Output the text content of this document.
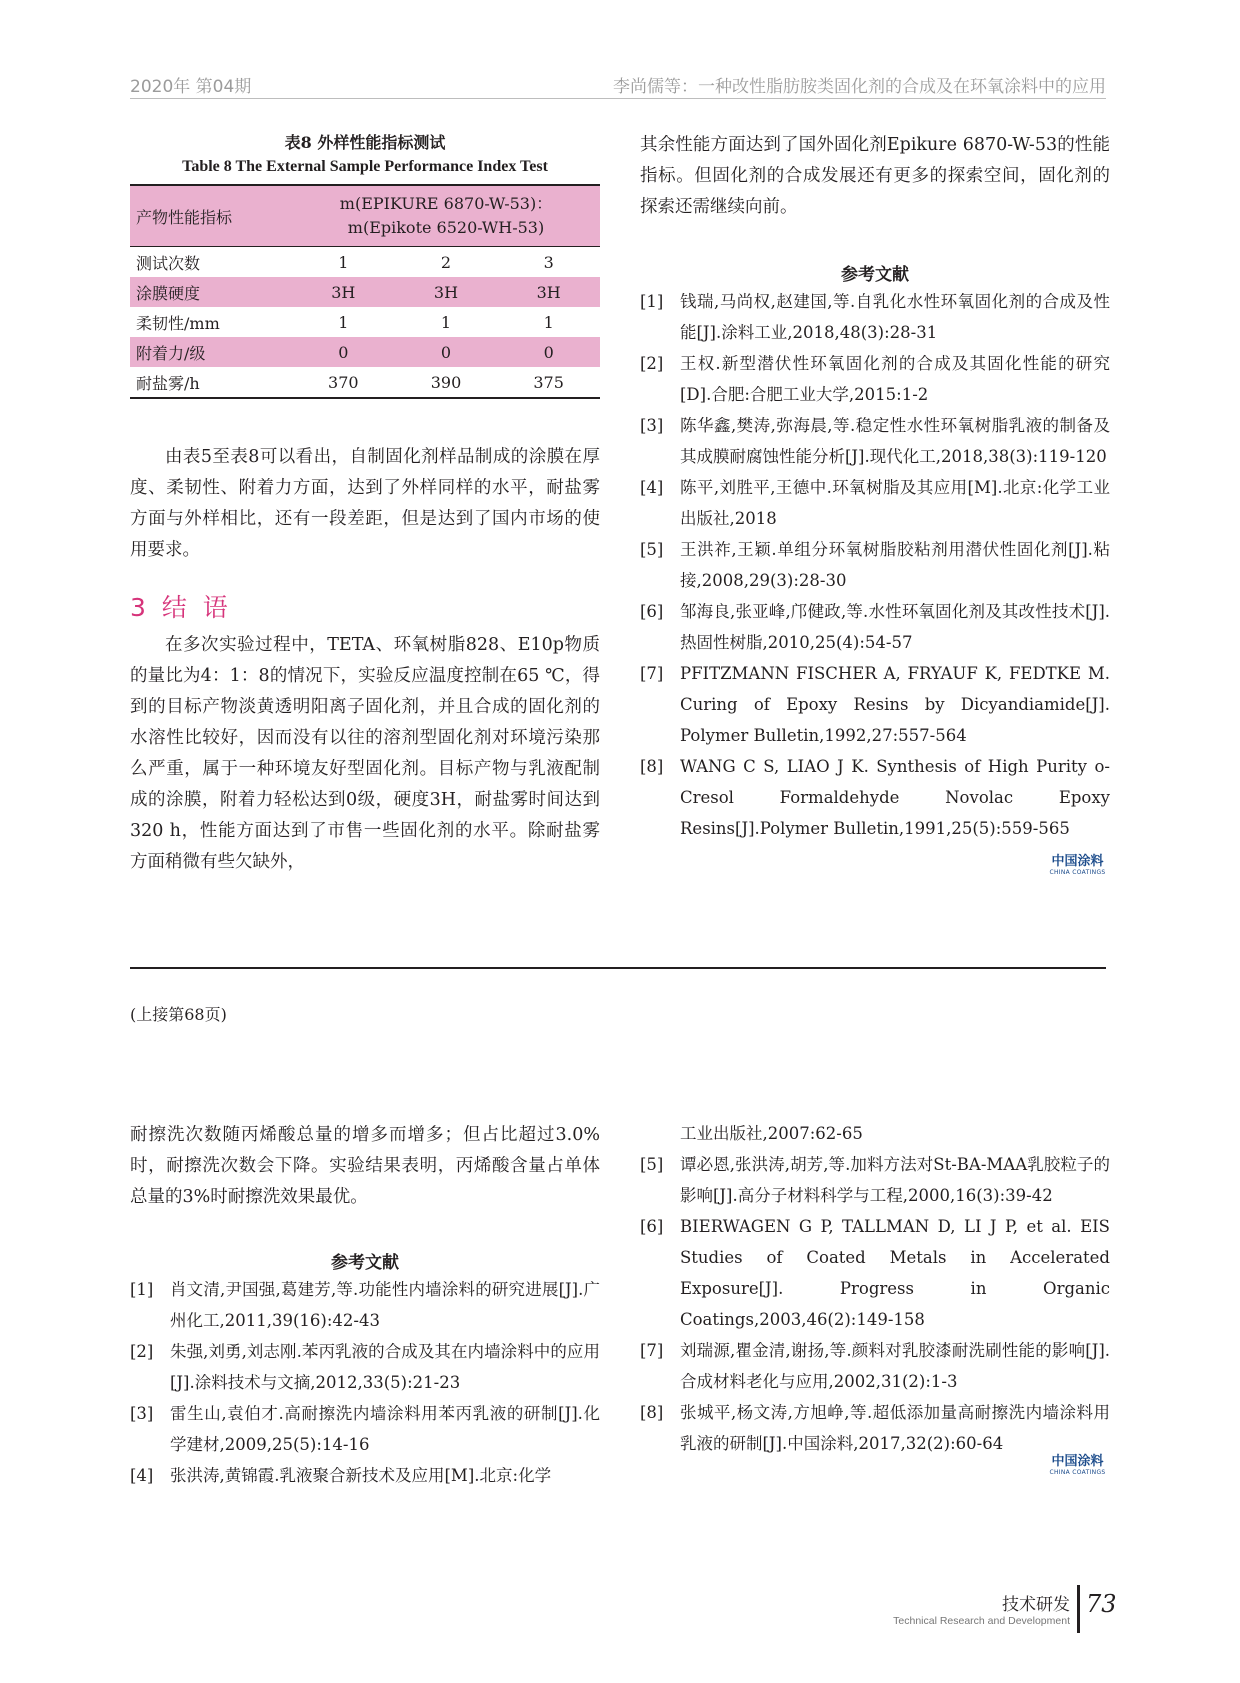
2020年 第04期	李尚儒等：一种改性脂肪胺类固化剂的合成及在环氧涂料中的应用
表8 外样性能指标测试
Table 8 The External Sample Performance Index Test
产物性能指标	m(EPIKURE 6870-W-53)：
m(Epikote 6520-WH-53)		

测试次数	1	2	3
涂膜硬度	3H	3H	3H
柔韧性/mm	1	1	1
附着力/级	0	0	0
耐盐雾/h	370	390	375
由表5至表8可以看出，自制固化剂样品制成的涂膜在厚度、柔韧性、附着力方面，达到了外样同样的水平，耐盐雾方面与外样相比，还有一段差距，但是达到了国内市场的使用要求。
3 结 语
在多次实验过程中，TETA、环氧树脂828、E10p物质的量比为4：1：8的情况下，实验反应温度控制在65 ℃，得到的目标产物淡黄透明阳离子固化剂，并且合成的固化剂的水溶性比较好，因而没有以往的溶剂型固化剂对环境污染那么严重，属于一种环境友好型固化剂。目标产物与乳液配制成的涂膜，附着力轻松达到0级，硬度3H，耐盐雾时间达到320 h，性能方面达到了市售一些固化剂的水平。除耐盐雾方面稍微有些欠缺外，
其余性能方面达到了国外固化剂Epikure 6870-W-53的性能指标。但固化剂的合成发展还有更多的探索空间，固化剂的探索还需继续向前。
参考文献
[1] 钱瑞,马尚权,赵建国,等.自乳化水性环氧固化剂的合成及性能[J].涂料工业,2018,48(3):28-31
[2] 王权.新型潜伏性环氧固化剂的合成及其固化性能的研究[D].合肥:合肥工业大学,2015:1-2
[3] 陈华鑫,樊涛,弥海晨,等.稳定性水性环氧树脂乳液的制备及其成膜耐腐蚀性能分析[J].现代化工,2018,38(3):119-120
[4] 陈平,刘胜平,王德中.环氧树脂及其应用[M].北京:化学工业出版社,2018
[5] 王洪祚,王颖.单组分环氧树脂胶粘剂用潜伏性固化剂[J].粘接,2008,29(3):28-30
[6] 邹海良,张亚峰,邝健政,等.水性环氧固化剂及其改性技术[J].热固性树脂,2010,25(4):54-57
[7] PFITZMANN FISCHER A, FRYAUF K, FEDTKE M. Curing of Epoxy Resins by Dicyandiamide[J]. Polymer Bulletin,1992,27:557-564
[8] WANG C S, LIAO J K. Synthesis of High Purity o-Cresol Formaldehyde Novolac Epoxy Resins[J].Polymer Bulletin,1991,25(5):559-565
中国涂料
CHINA COATINGS
(上接第68页)
耐擦洗次数随丙烯酸总量的增多而增多；但占比超过3.0%时，耐擦洗次数会下降。实验结果表明，丙烯酸含量占单体总量的3%时耐擦洗效果最优。
参考文献
[1] 肖文清,尹国强,葛建芳,等.功能性内墙涂料的研究进展[J].广州化工,2011,39(16):42-43
[2] 朱强,刘勇,刘志刚.苯丙乳液的合成及其在内墙涂料中的应用[J].涂料技术与文摘,2012,33(5):21-23
[3] 雷生山,袁伯才.高耐擦洗内墙涂料用苯丙乳液的研制[J].化学建材,2009,25(5):14-16
[4] 张洪涛,黄锦霞.乳液聚合新技术及应用[M].北京:化学
工业出版社,2007:62-65
[5] 谭必恩,张洪涛,胡芳,等.加料方法对St-BA-MAA乳胶粒子的影响[J].高分子材料科学与工程,2000,16(3):39-42
[6] BIERWAGEN G P, TALLMAN D, LI J P, et al. EIS Studies of Coated Metals in Accelerated Exposure[J]. Progress in Organic Coatings,2003,46(2):149-158
[7] 刘瑞源,瞿金清,谢扬,等.颜料对乳胶漆耐洗刷性能的影响[J].合成材料老化与应用,2002,31(2):1-3
[8] 张城平,杨文涛,方旭峥,等.超低添加量高耐擦洗内墙涂料用乳液的研制[J].中国涂料,2017,32(2):60-64
中国涂料
CHINA COATINGS
技术研发
Technical Research and Development
73
